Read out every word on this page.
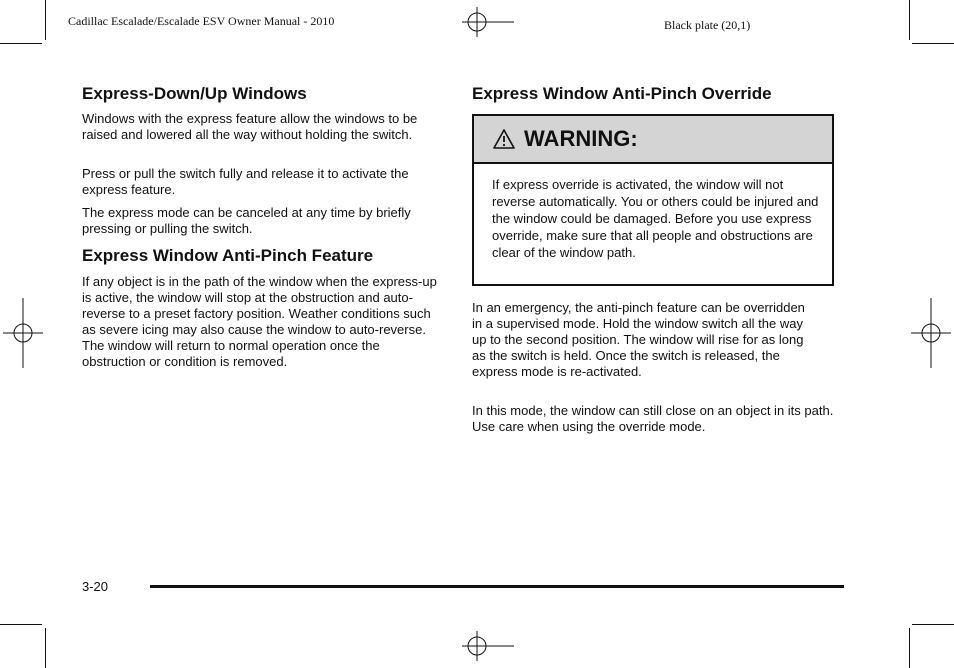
Cadillac Escalade/Escalade ESV Owner Manual - 2010	Black plate (20,1)
Express-Down/Up Windows

Windows with the express feature allow the windows to be raised and lowered all the way without holding the switch.

Press or pull the switch fully and release it to activate the express feature.

The express mode can be canceled at any time by briefly pressing or pulling the switch.

Express Window Anti-Pinch Feature

If any object is in the path of the window when the express-up is active, the window will stop at the obstruction and auto-reverse to a preset factory position. Weather conditions such as severe icing may also cause the window to auto-reverse. The window will return to normal operation once the obstruction or condition is removed.

Express Window Anti-Pinch Override
WARNING:
If express override is activated, the window will not reverse automatically. You or others could be injured and the window could be damaged. Before you use express override, make sure that all people and obstructions are clear of the window path.

In an emergency, the anti-pinch feature can be overridden in a supervised mode. Hold the window switch all the way up to the second position. The window will rise for as long as the switch is held. Once the switch is released, the express mode is re-activated.

In this mode, the window can still close on an object in its path. Use care when using the override mode.

3-20
